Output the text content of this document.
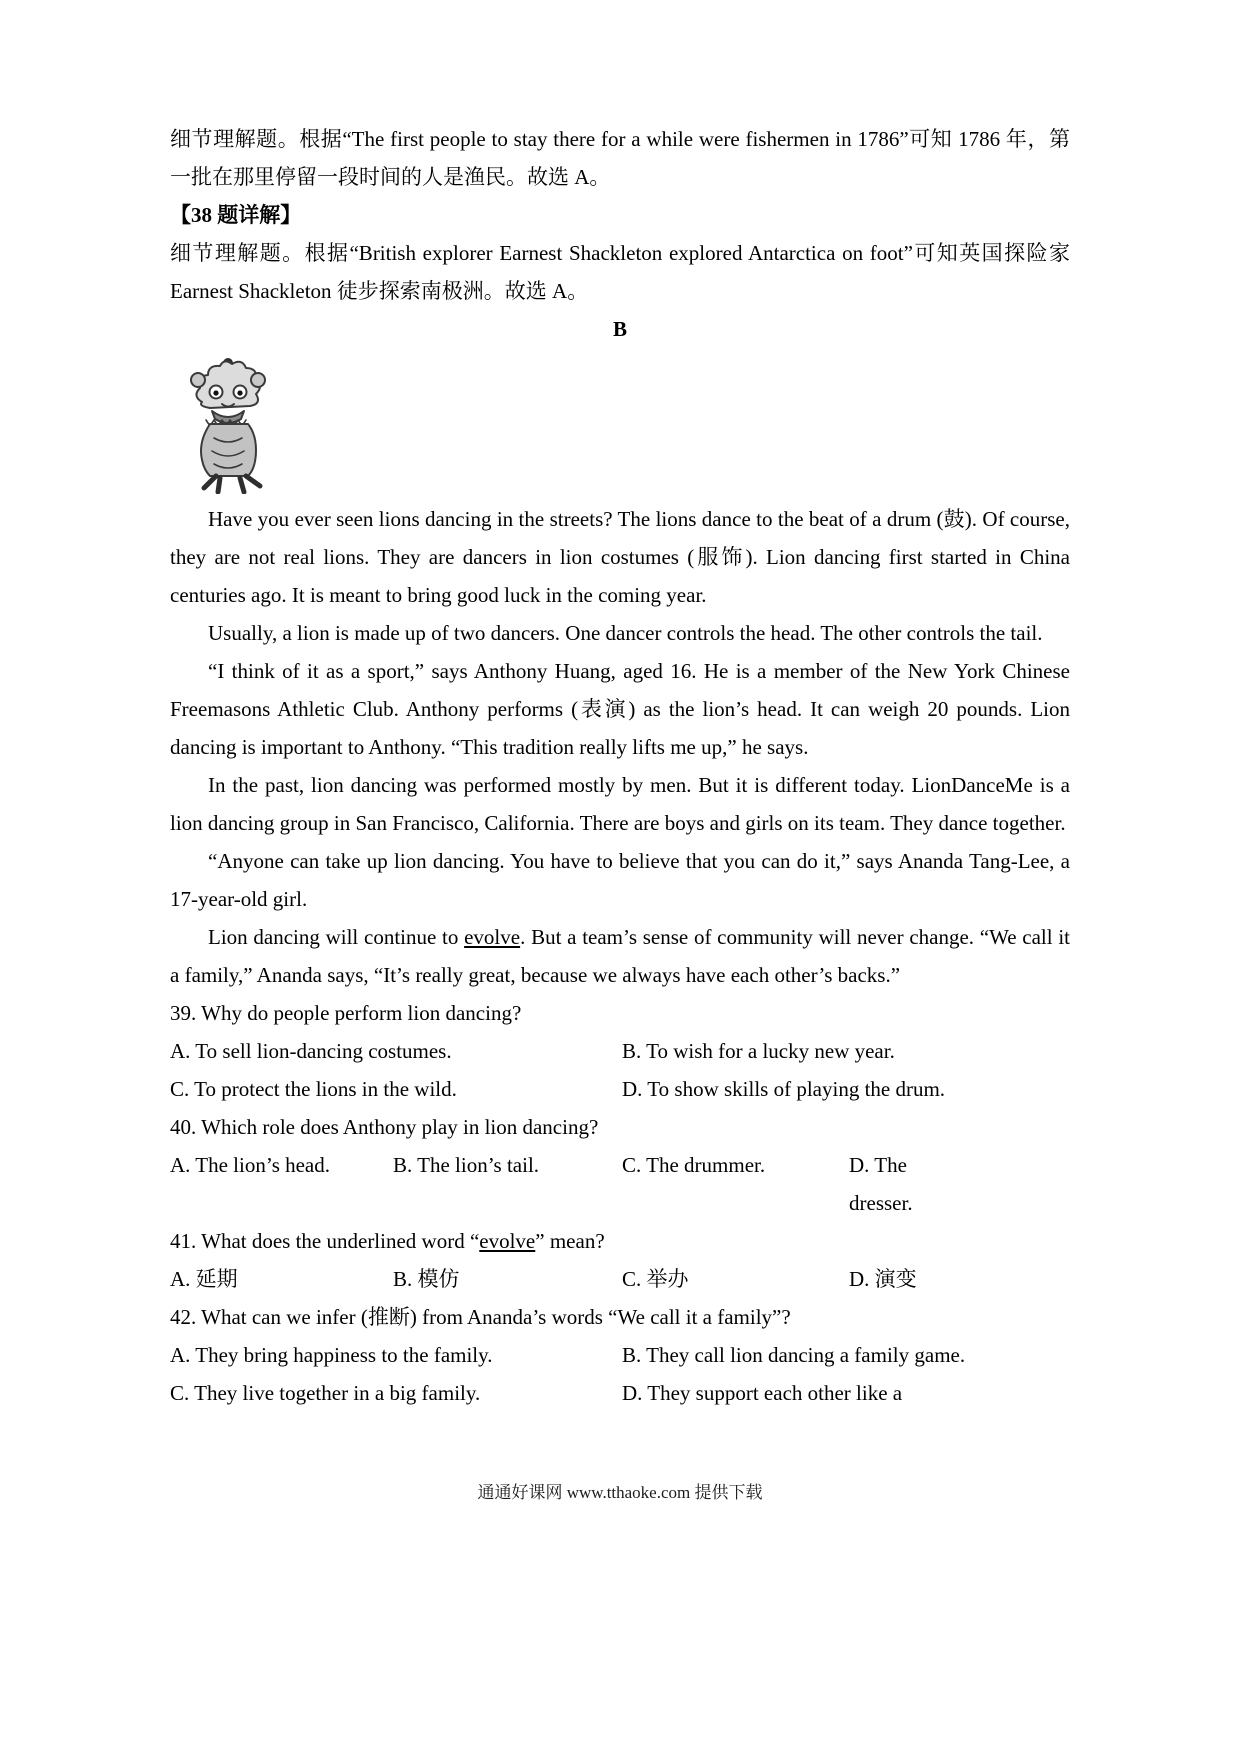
细节理解题。根据“The first people to stay there for a while were fishermen in 1786”可知 1786 年，第一批在那里停留一段时间的人是渔民。故选 A。

【38 题详解】

细节理解题。根据“British explorer Earnest Shackleton explored Antarctica on foot”可知英国探险家 Earnest Shackleton 徒步探索南极洲。故选 A。

B

Have you ever seen lions dancing in the streets? The lions dance to the beat of a drum (鼓). Of course, they are not real lions. They are dancers in lion costumes (服饰). Lion dancing first started in China centuries ago. It is meant to bring good luck in the coming year.

Usually, a lion is made up of two dancers. One dancer controls the head. The other controls the tail.

“I think of it as a sport,” says Anthony Huang, aged 16. He is a member of the New York Chinese Freemasons Athletic Club. Anthony performs (表演) as the lion’s head. It can weigh 20 pounds. Lion dancing is important to Anthony. “This tradition really lifts me up,” he says.

In the past, lion dancing was performed mostly by men. But it is different today. LionDanceMe is a lion dancing group in San Francisco, California. There are boys and girls on its team. They dance together.

“Anyone can take up lion dancing. You have to believe that you can do it,” says Ananda Tang-Lee, a 17-year-old girl.

Lion dancing will continue to evolve. But a team’s sense of community will never change. “We call it a family,” Ananda says, “It’s really great, because we always have each other’s backs.”

39. Why do people perform lion dancing?

A. To sell lion-dancing costumes.	B. To wish for a lucky new year.
C. To protect the lions in the wild.	D. To show skills of playing the drum.

40. Which role does Anthony play in lion dancing?

A. The lion’s head.	B. The lion’s tail.	C. The drummer.	D. The dresser.

41. What does the underlined word “evolve” mean?

A. 延期	B. 模仿	C. 举办	D. 演变

42. What can we infer (推断) from Ananda’s words “We call it a family”?

A. They bring happiness to the family.	B. They call lion dancing a family game.
C. They live together in a big family.	D. They support each other like a
通通好课网 www.tthaoke.com 提供下载
